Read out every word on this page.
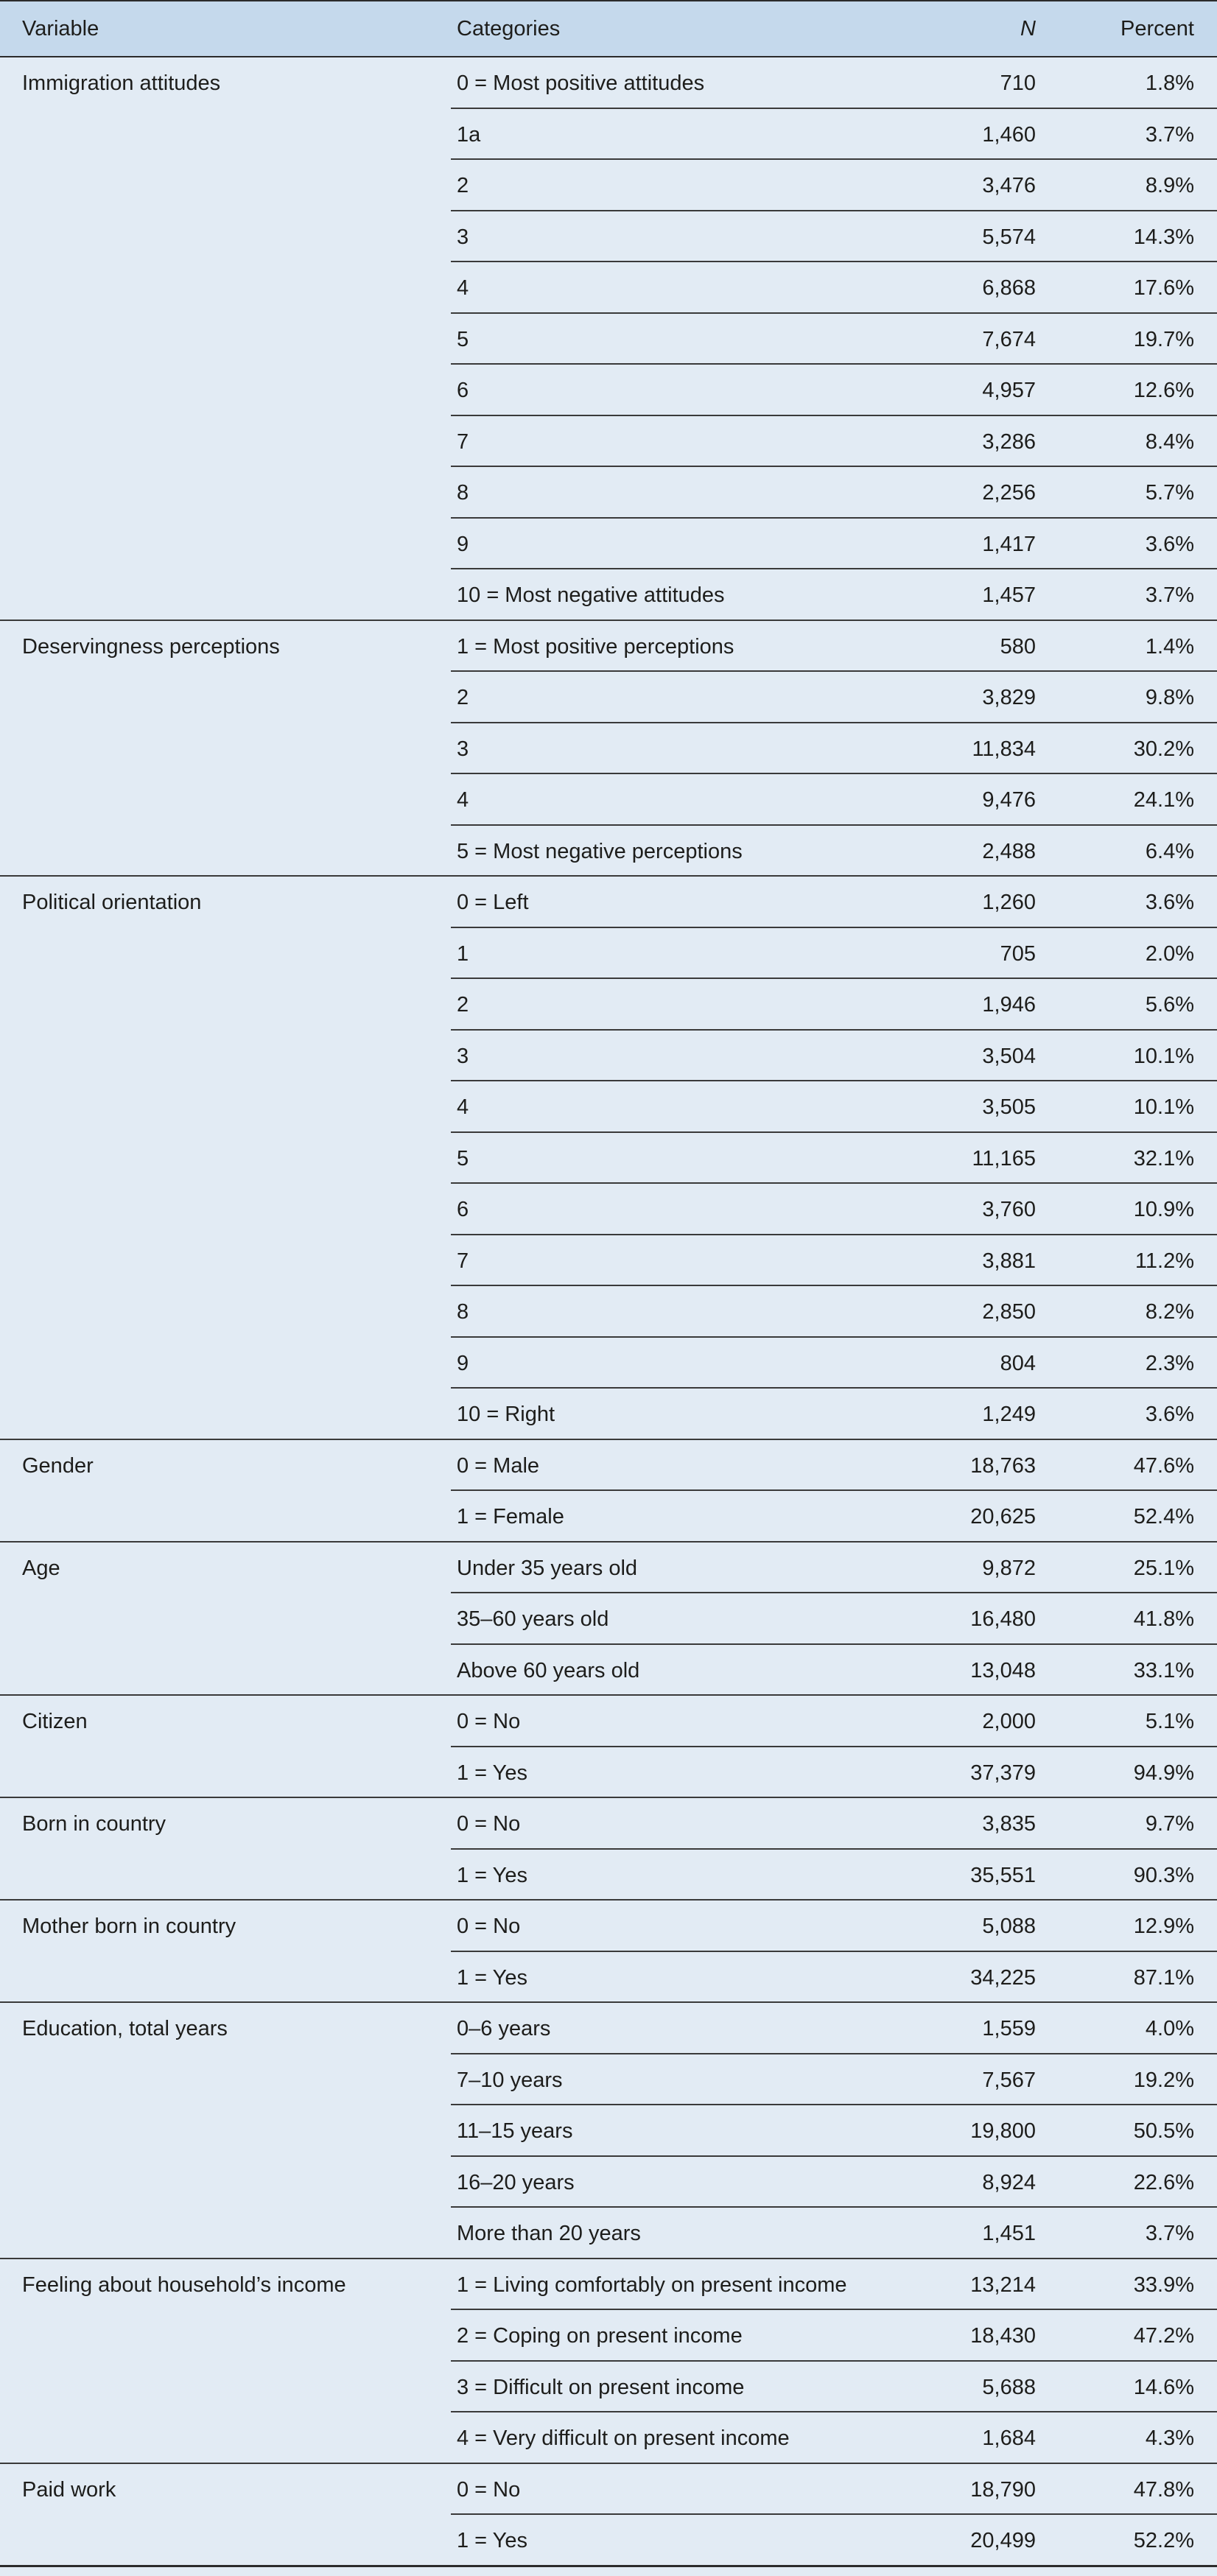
Variable	Categories	N	Percent
Immigration attitudes	0 = Most positive attitudes	710	1.8%
1a	1,460	3.7%
2	3,476	8.9%
3	5,574	14.3%
4	6,868	17.6%
5	7,674	19.7%
6	4,957	12.6%
7	3,286	8.4%
8	2,256	5.7%
9	1,417	3.6%
10 = Most negative attitudes	1,457	3.7%
Deservingness perceptions	1 = Most positive perceptions	580	1.4%
2	3,829	9.8%
3	11,834	30.2%
4	9,476	24.1%
5 = Most negative perceptions	2,488	6.4%
Political orientation	0 = Left	1,260	3.6%
1	705	2.0%
2	1,946	5.6%
3	3,504	10.1%
4	3,505	10.1%
5	11,165	32.1%
6	3,760	10.9%
7	3,881	11.2%
8	2,850	8.2%
9	804	2.3%
10 = Right	1,249	3.6%
Gender	0 = Male	18,763	47.6%
1 = Female	20,625	52.4%
Age	Under 35 years old	9,872	25.1%
35–60 years old	16,480	41.8%
Above 60 years old	13,048	33.1%
Citizen	0 = No	2,000	5.1%
1 = Yes	37,379	94.9%
Born in country	0 = No	3,835	9.7%
1 = Yes	35,551	90.3%
Mother born in country	0 = No	5,088	12.9%
1 = Yes	34,225	87.1%
Education, total years	0–6 years	1,559	4.0%
7–10 years	7,567	19.2%
11–15 years	19,800	50.5%
16–20 years	8,924	22.6%
More than 20 years	1,451	3.7%
Feeling about household’s income	1 = Living comfortably on present income	13,214	33.9%
2 = Coping on present income	18,430	47.2%
3 = Difficult on present income	5,688	14.6%
4 = Very difficult on present income	1,684	4.3%
Paid work	0 = No	18,790	47.8%
1 = Yes	20,499	52.2%
